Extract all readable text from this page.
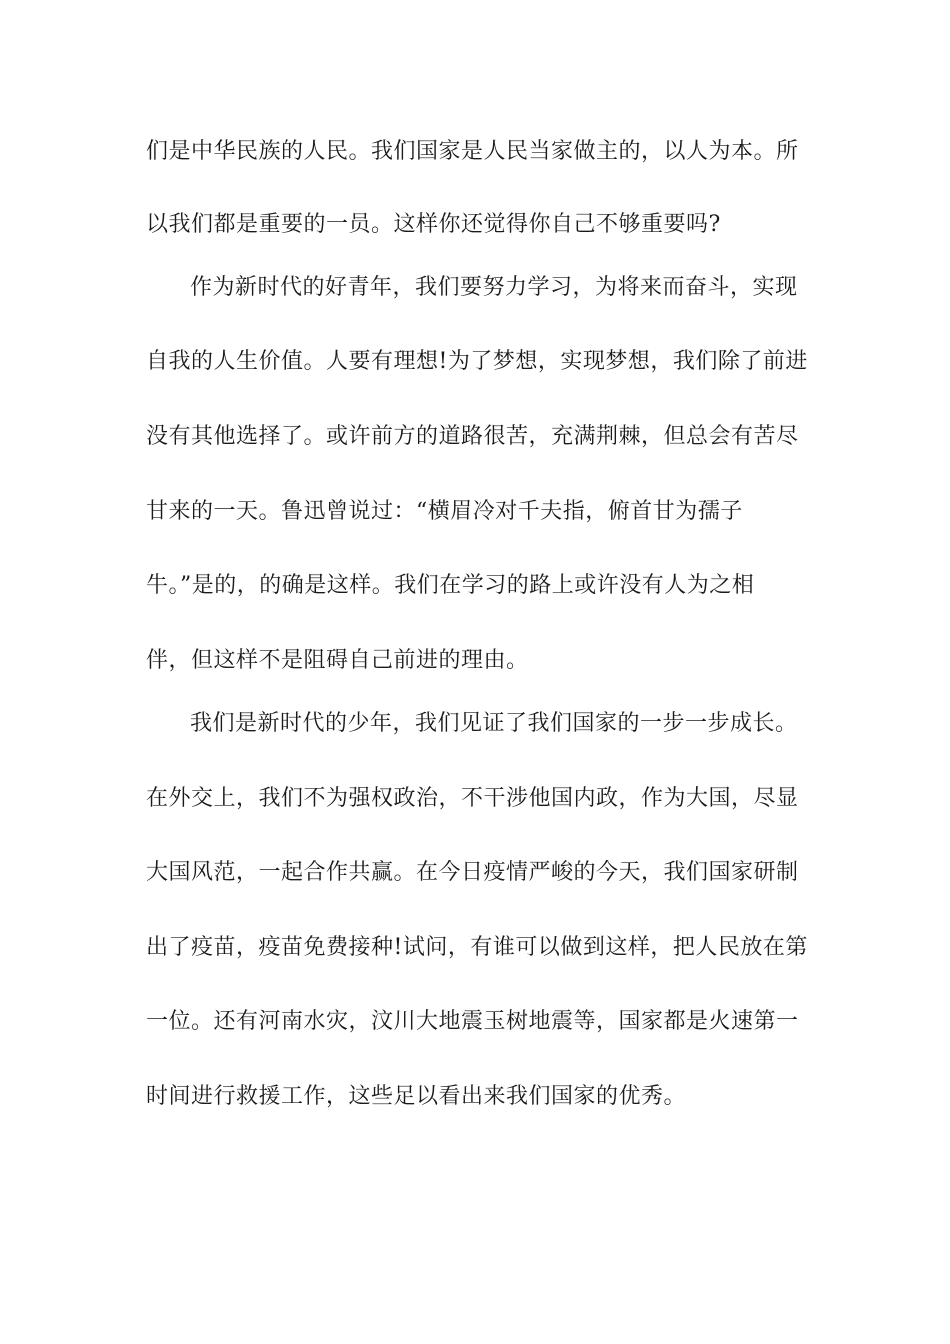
们是中华民族的人民。我们国家是人民当家做主的，以人为本。所
以我们都是重要的一员。这样你还觉得你自己不够重要吗?
作为新时代的好青年，我们要努力学习，为将来而奋斗，实现
自我的人生价值。人要有理想!为了梦想，实现梦想，我们除了前进
没有其他选择了。或许前方的道路很苦，充满荆棘，但总会有苦尽
甘来的一天。鲁迅曾说过：“横眉冷对千夫指，俯首甘为孺子
牛。”是的，的确是这样。我们在学习的路上或许没有人为之相
伴，但这样不是阻碍自己前进的理由。
我们是新时代的少年，我们见证了我们国家的一步一步成长。
在外交上，我们不为强权政治，不干涉他国内政，作为大国，尽显
大国风范，一起合作共赢。在今日疫情严峻的今天，我们国家研制
出了疫苗，疫苗免费接种!试问，有谁可以做到这样，把人民放在第
一位。还有河南水灾，汶川大地震玉树地震等，国家都是火速第一
时间进行救援工作，这些足以看出来我们国家的优秀。
